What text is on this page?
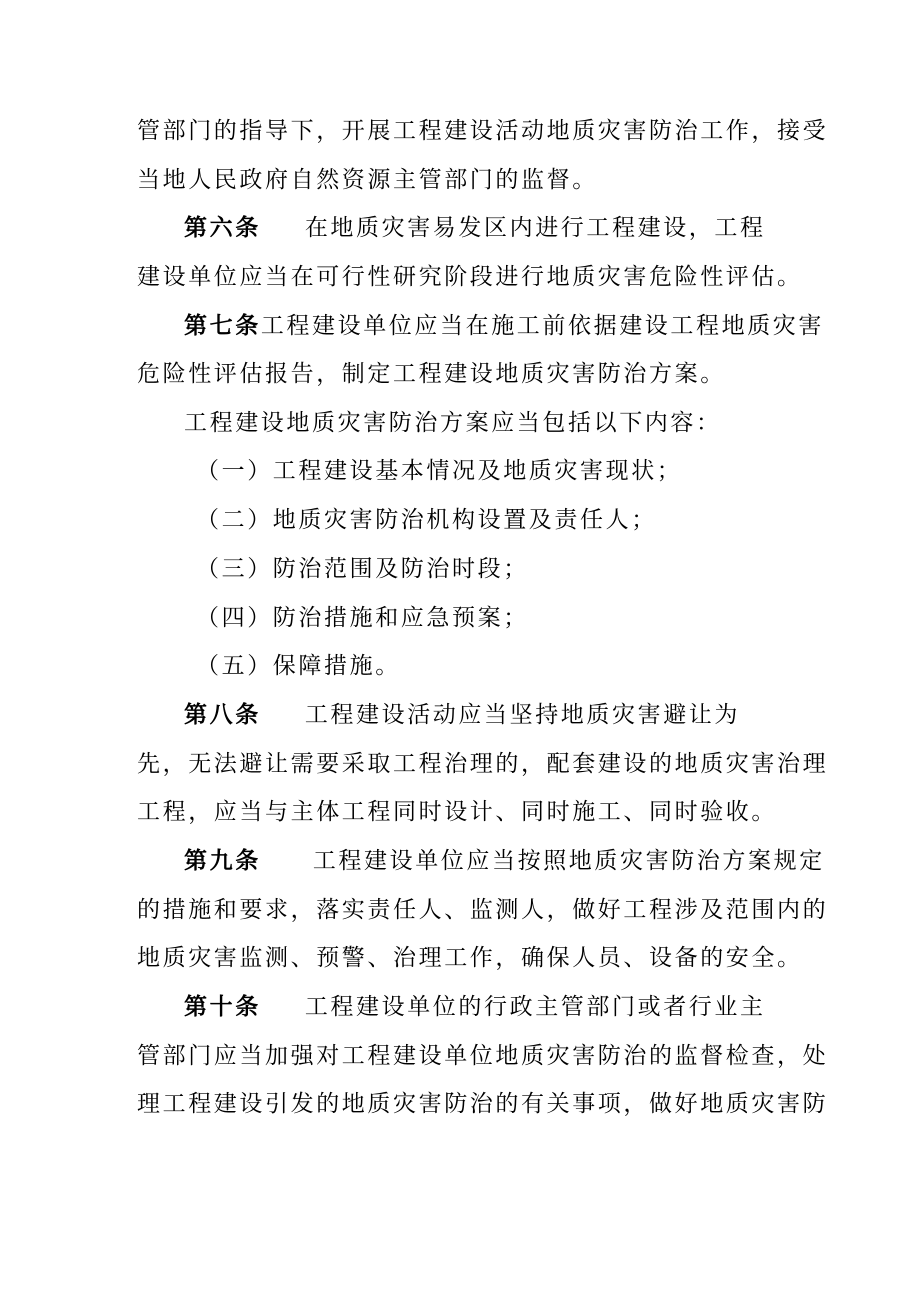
管部门的指导下，开展工程建设活动地质灾害防治工作，接受
当地人民政府自然资源主管部门的监督。
第六条 在地质灾害易发区内进行工程建设，工程
建设单位应当在可行性研究阶段进行地质灾害危险性评估。
第七条工程建设单位应当在施工前依据建设工程地质灾害
危险性评估报告，制定工程建设地质灾害防治方案。
工程建设地质灾害防治方案应当包括以下内容：
（一）工程建设基本情况及地质灾害现状；
（二）地质灾害防治机构设置及责任人；
（三）防治范围及防治时段；
（四）防治措施和应急预案；
（五）保障措施。
第八条 工程建设活动应当坚持地质灾害避让为
先，无法避让需要采取工程治理的，配套建设的地质灾害治理
工程，应当与主体工程同时设计、同时施工、同时验收。
第九条 工程建设单位应当按照地质灾害防治方案规定
的措施和要求，落实责任人、监测人，做好工程涉及范围内的
地质灾害监测、预警、治理工作，确保人员、设备的安全。
第十条 工程建设单位的行政主管部门或者行业主
管部门应当加强对工程建设单位地质灾害防治的监督检查，处
理工程建设引发的地质灾害防治的有关事项，做好地质灾害防
